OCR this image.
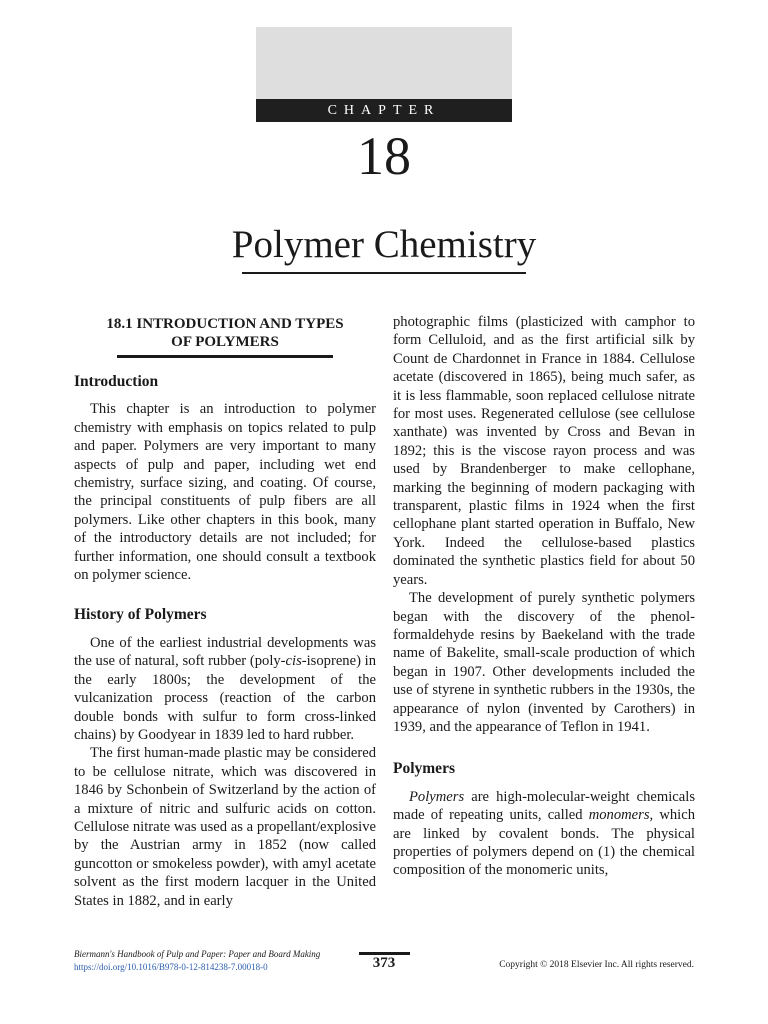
CHAPTER
18
Polymer Chemistry
18.1 INTRODUCTION AND TYPES
OF POLYMERS
Introduction

This chapter is an introduction to polymer chemistry with emphasis on topics related to pulp and paper. Polymers are very important to many aspects of pulp and paper, including wet end chemistry, surface sizing, and coating. Of course, the principal constituents of pulp fibers are all polymers. Like other chapters in this book, many of the introductory details are not included; for further information, one should consult a textbook on polymer science.

History of Polymers

One of the earliest industrial developments was the use of natural, soft rubber (poly-cis-isoprene) in the early 1800s; the development of the vulcanization process (reaction of the carbon double bonds with sulfur to form cross-linked chains) by Goodyear in 1839 led to hard rubber.

The first human-made plastic may be considered to be cellulose nitrate, which was discovered in 1846 by Schonbein of Switzerland by the action of a mixture of nitric and sulfuric acids on cotton. Cellulose nitrate was used as a propellant/explosive by the Austrian army in 1852 (now called guncotton or smokeless powder), with amyl acetate solvent as the first modern lacquer in the United States in 1882, and in early

photographic films (plasticized with camphor to form Celluloid, and as the first artificial silk by Count de Chardonnet in France in 1884. Cellulose acetate (discovered in 1865), being much safer, as it is less flammable, soon replaced cellulose nitrate for most uses. Regenerated cellulose (see cellulose xanthate) was invented by Cross and Bevan in 1892; this is the viscose rayon process and was used by Brandenberger to make cellophane, marking the beginning of modern packaging with transparent, plastic films in 1924 when the first cellophane plant started operation in Buffalo, New York. Indeed the cellulose-based plastics dominated the synthetic plastics field for about 50 years.

The development of purely synthetic polymers began with the discovery of the phenol-formaldehyde resins by Baekeland with the trade name of Bakelite, small-scale production of which began in 1907. Other developments included the use of styrene in synthetic rubbers in the 1930s, the appearance of nylon (invented by Carothers) in 1939, and the appearance of Teflon in 1941.

Polymers

Polymers are high-molecular-weight chemicals made of repeating units, called monomers, which are linked by covalent bonds. The physical properties of polymers depend on (1) the chemical composition of the monomeric units,

Biermann's Handbook of Pulp and Paper: Paper and Board Making
https://doi.org/10.1016/B978-0-12-814238-7.00018-0	373	Copyright © 2018 Elsevier Inc. All rights reserved.
